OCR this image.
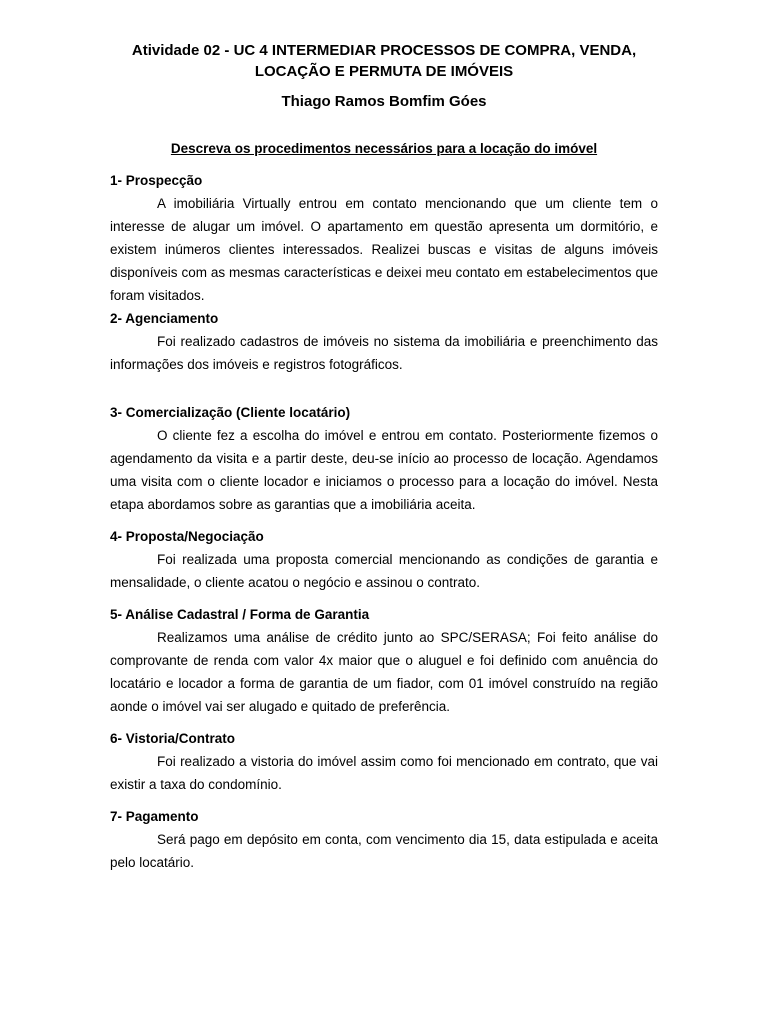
Atividade 02 - UC 4 INTERMEDIAR PROCESSOS DE COMPRA, VENDA,
LOCAÇÃO E PERMUTA DE IMÓVEIS

Thiago Ramos Bomfim Góes

Descreva os procedimentos necessários para a locação do imóvel

1- Prospecção

A imobiliária Virtually entrou em contato mencionando que um cliente tem o interesse de alugar um imóvel. O apartamento em questão apresenta um dormitório, e existem inúmeros clientes interessados. Realizei buscas e visitas de alguns imóveis disponíveis com as mesmas características e deixei meu contato em estabelecimentos que foram visitados.

2- Agenciamento

Foi realizado cadastros de imóveis no sistema da imobiliária e preenchimento das informações dos imóveis e registros fotográficos.

3- Comercialização (Cliente locatário)

O cliente fez a escolha do imóvel e entrou em contato. Posteriormente fizemos o agendamento da visita e a partir deste, deu-se início ao processo de locação. Agendamos uma visita com o cliente locador e iniciamos o processo para a locação do imóvel. Nesta etapa abordamos sobre as garantias que a imobiliária aceita.

4- Proposta/Negociação

Foi realizada uma proposta comercial mencionando as condições de garantia e mensalidade, o cliente acatou o negócio e assinou o contrato.

5- Análise Cadastral / Forma de Garantia

Realizamos uma análise de crédito junto ao SPC/SERASA; Foi feito análise do comprovante de renda com valor 4x maior que o aluguel e foi definido com anuência do locatário e locador a forma de garantia de um fiador, com 01 imóvel construído na região aonde o imóvel vai ser alugado e quitado de preferência.

6- Vistoria/Contrato

Foi realizado a vistoria do imóvel assim como foi mencionado em contrato, que vai existir a taxa do condomínio.

7- Pagamento

Será pago em depósito em conta, com vencimento dia 15, data estipulada e aceita pelo locatário.
